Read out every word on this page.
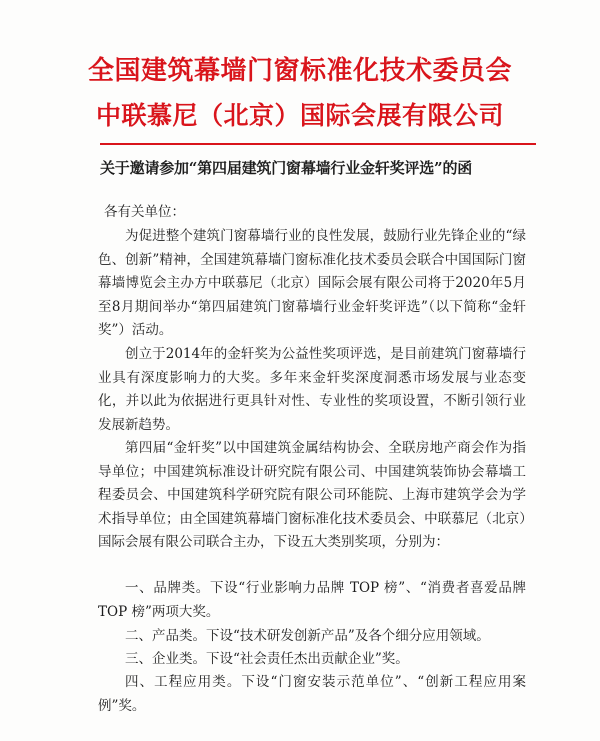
全国建筑幕墙门窗标准化技术委员会
中联慕尼（北京）国际会展有限公司
关于邀请参加“第四届建筑门窗幕墙行业金轩奖评选”的函
各有关单位：

为促进整个建筑门窗幕墙行业的良性发展，鼓励行业先锋企业的“绿色、创新”精神，全国建筑幕墙门窗标准化技术委员会联合中国国际门窗幕墙博览会主办方中联慕尼（北京）国际会展有限公司将于2020年5月至8月期间举办“第四届建筑门窗幕墙行业金轩奖评选”（以下简称“金轩奖”）活动。

创立于2014年的金轩奖为公益性奖项评选，是目前建筑门窗幕墙行业具有深度影响力的大奖。多年来金轩奖深度洞悉市场发展与业态变化，并以此为依据进行更具针对性、专业性的奖项设置，不断引领行业发展新趋势。

第四届“金轩奖”以中国建筑金属结构协会、全联房地产商会作为指导单位；中国建筑标准设计研究院有限公司、中国建筑装饰协会幕墙工程委员会、中国建筑科学研究院有限公司环能院、上海市建筑学会为学术指导单位；由全国建筑幕墙门窗标准化技术委员会、中联慕尼（北京）国际会展有限公司联合主办，下设五大类别奖项，分别为：

一、品牌类。下设“行业影响力品牌 TOP 榜”、“消费者喜爱品牌 TOP 榜”两项大奖。

二、产品类。下设“技术研发创新产品”及各个细分应用领域。

三、企业类。下设“社会责任杰出贡献企业”奖。

四、工程应用类。下设“门窗安装示范单位”、“创新工程应用案例”奖。
